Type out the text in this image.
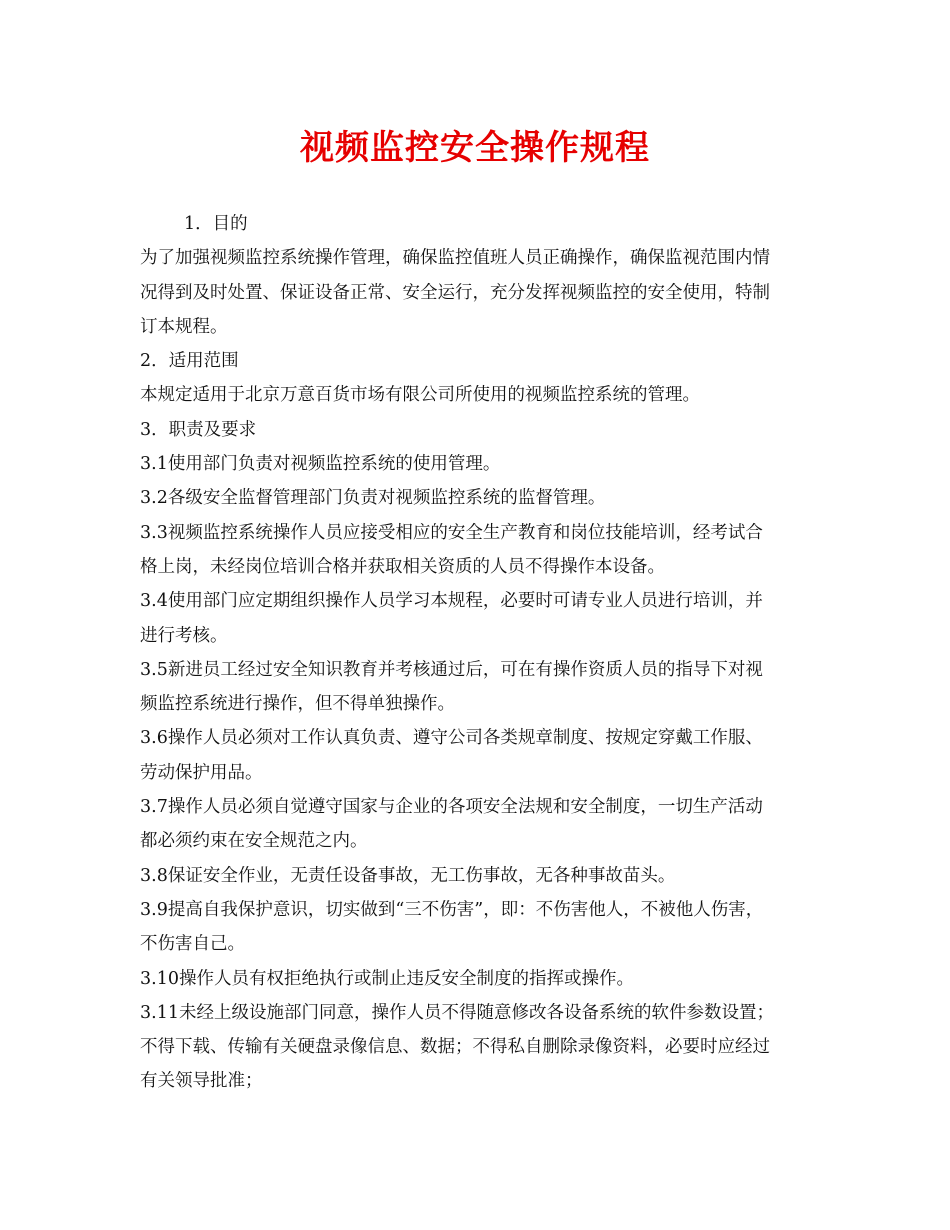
视频监控安全操作规程
1．目的
为了加强视频监控系统操作管理，确保监控值班人员正确操作，确保监视范围内情
况得到及时处置、保证设备正常、安全运行，充分发挥视频监控的安全使用，特制
订本规程。
2．适用范围
本规定适用于北京万意百货市场有限公司所使用的视频监控系统的管理。
3．职责及要求
3.1使用部门负责对视频监控系统的使用管理。
3.2各级安全监督管理部门负责对视频监控系统的监督管理。
3.3视频监控系统操作人员应接受相应的安全生产教育和岗位技能培训，经考试合
格上岗，未经岗位培训合格并获取相关资质的人员不得操作本设备。
3.4使用部门应定期组织操作人员学习本规程，必要时可请专业人员进行培训，并
进行考核。
3.5新进员工经过安全知识教育并考核通过后，可在有操作资质人员的指导下对视
频监控系统进行操作，但不得单独操作。
3.6操作人员必须对工作认真负责、遵守公司各类规章制度、按规定穿戴工作服、
劳动保护用品。
3.7操作人员必须自觉遵守国家与企业的各项安全法规和安全制度，一切生产活动
都必须约束在安全规范之内。
3.8保证安全作业，无责任设备事故，无工伤事故，无各种事故苗头。
3.9提高自我保护意识，切实做到“三不伤害”，即：不伤害他人，不被他人伤害，
不伤害自己。
3.10操作人员有权拒绝执行或制止违反安全制度的指挥或操作。
3.11未经上级设施部门同意，操作人员不得随意修改各设备系统的软件参数设置；
不得下载、传输有关硬盘录像信息、数据；不得私自删除录像资料，必要时应经过
有关领导批准；
